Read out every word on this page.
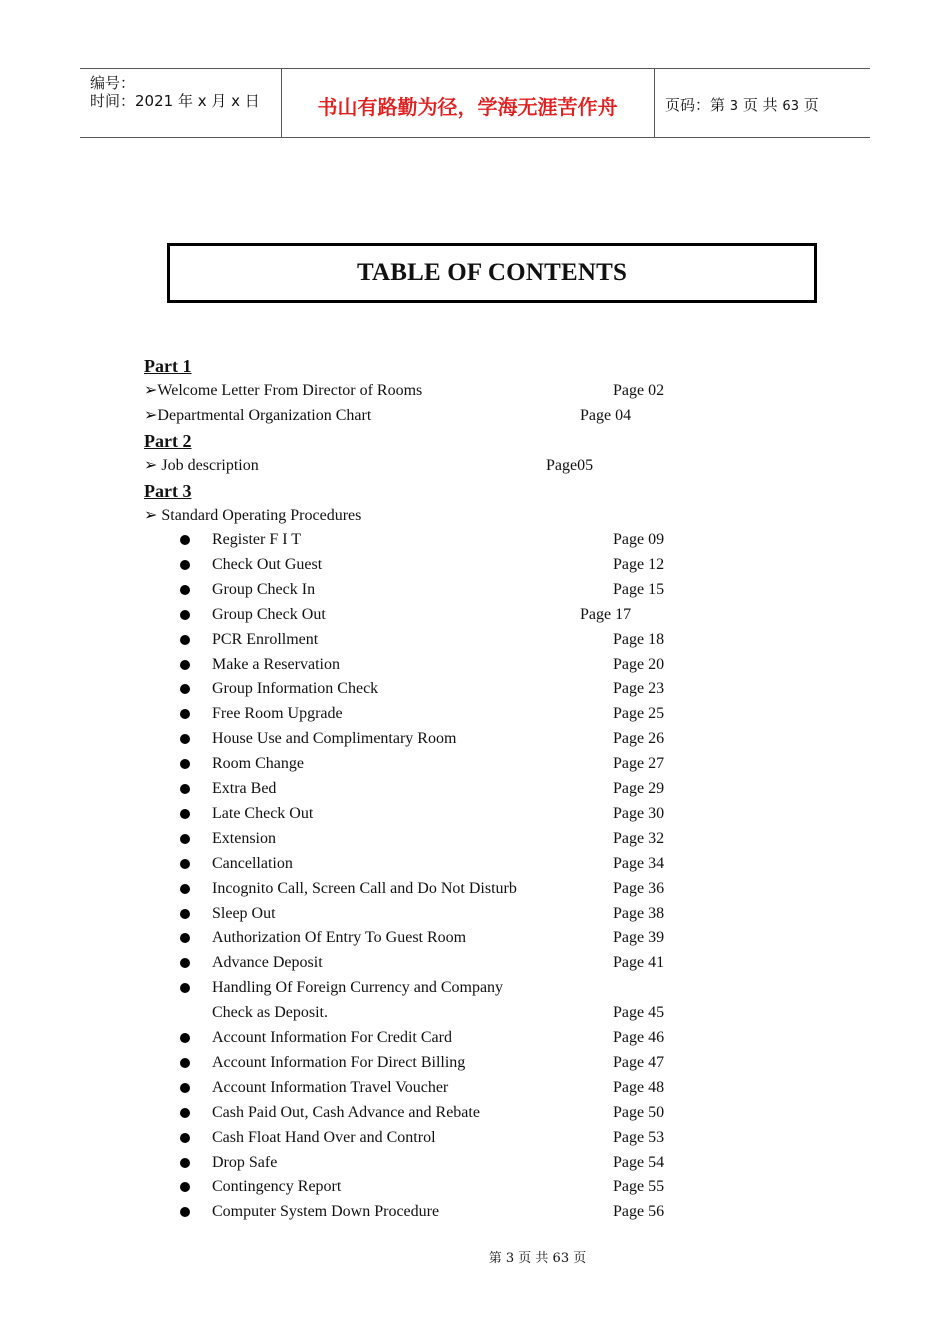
编号：
时间：2021 年 x 月 x 日	书山有路勤为径，学海无涯苦作舟	页码：第 3 页 共 63 页
TABLE OF CONTENTS
Part 1
➢Welcome Letter From Director of Rooms	Page 02
➢Departmental Organization Chart	Page 04
Part 2
➢ Job description	Page05
Part 3
➢ Standard Operating Procedures
Register F I T	Page 09
Check Out Guest	Page 12
Group Check In	Page 15
Group Check Out	Page 17
PCR Enrollment	Page 18
Make a Reservation	Page 20
Group Information Check	Page 23
Free Room Upgrade	Page 25
House Use and Complimentary Room	Page 26
Room Change	Page 27
Extra Bed	Page 29
Late Check Out	Page 30
Extension	Page 32
Cancellation	Page 34
Incognito Call, Screen Call and Do Not Disturb	Page 36
Sleep Out	Page 38
Authorization Of Entry To Guest Room	Page 39
Advance Deposit	Page 41
Handling Of Foreign Currency and Company
Check as Deposit.	Page 45
Account Information For Credit Card	Page 46
Account Information For Direct Billing	Page 47
Account Information Travel Voucher	Page 48
Cash Paid Out, Cash Advance and Rebate	Page 50
Cash Float Hand Over and Control	Page 53
Drop Safe	Page 54
Contingency Report	Page 55
Computer System Down Procedure	Page 56
第 3 页 共 63 页
